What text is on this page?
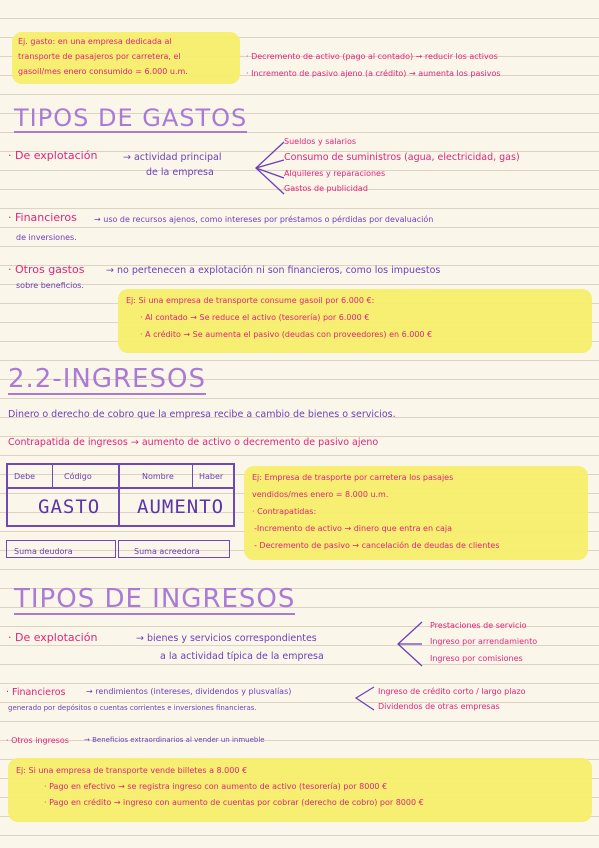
Ej. gasto: en una empresa dedicada al
transporte de pasajeros por carretera, el
gasoil/mes enero consumido = 6.000 u.m.
· Decremento de activo (pago al contado) → reducir los activos
· Incremento de pasivo ajeno (a crédito) → aumenta los pasivos
TIPOS DE GASTOS
· De explotación	→ actividad principal
de la empresa
Sueldos y salarios
Consumo de suministros (agua, electricidad, gas)
Alquileres y reparaciones
Gastos de publicidad
· Financieros → uso de recursos ajenos, como intereses por préstamos o pérdidas por devaluación
de inversiones.
· Otros gastos → no pertenecen a explotación ni son financieros, como los impuestos
sobre beneficios.
Ej: Si una empresa de transporte consume gasoil por 6.000 €:
· Al contado → Se reduce el activo (tesorería) por 6.000 €
· A crédito → Se aumenta el pasivo (deudas con proveedores) en 6.000 €
2.2-INGRESOS
Dinero o derecho de cobro que la empresa recibe a cambio de bienes o servicios.
Contrapatida de ingresos → aumento de activo o decremento de pasivo ajeno
Debe	Código	Nombre	Haber
GASTO AUMENTO
Suma deudora	Suma acreedora
Ej: Empresa de trasporte por carretera los pasajes
vendidos/mes enero = 8.000 u.m.
· Contrapatidas:
-Incremento de activo → dinero que entra en caja
- Decremento de pasivo → cancelación de deudas de clientes
TIPOS DE INGRESOS
· De explotación	→ bienes y servicios correspondientes
a la actividad típica de la empresa
Prestaciones de servicio
Ingreso por arrendamiento
Ingreso por comisiones
· Financieros	→ rendimientos (intereses, dividendos y plusvalías)
generado por depósitos o cuentas corrientes e inversiones financieras.
Ingreso de crédito corto / largo plazo
Dividendos de otras empresas
· Otros ingresos → Beneficios extraordinarios al vender un inmueble
Ej: Si una empresa de transporte vende billetes a 8.000 €
· Pago en efectivo → se registra ingreso con aumento de activo (tesorería) por 8000 €
· Pago en crédito → ingreso con aumento de cuentas por cobrar (derecho de cobro) por 8000 €
